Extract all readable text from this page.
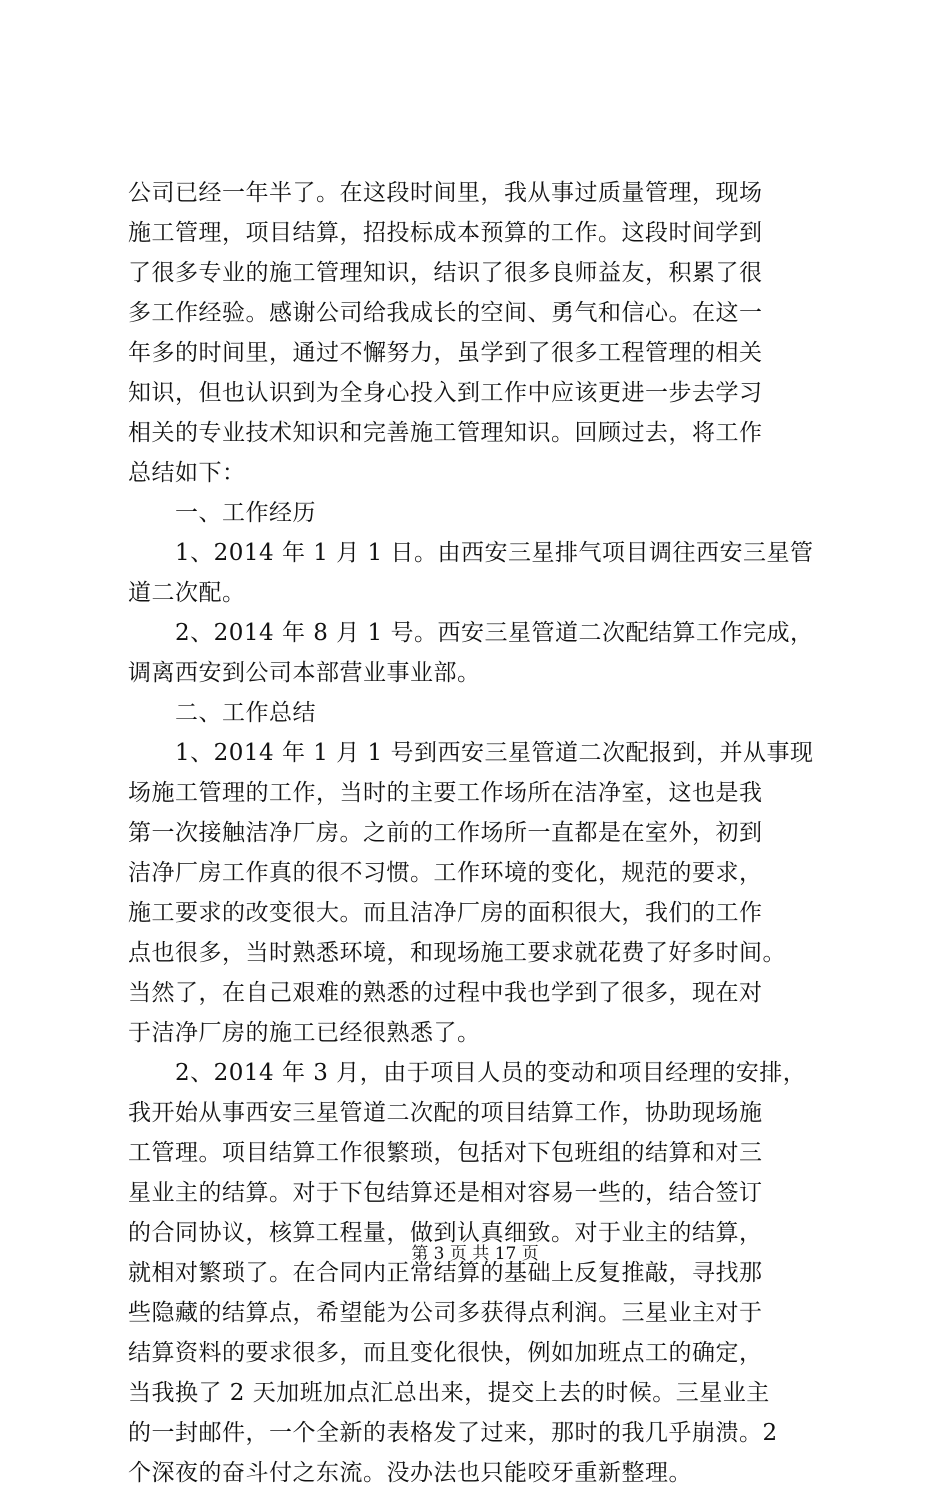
公司已经一年半了。在这段时间里，我从事过质量管理，现场
施工管理，项目结算，招投标成本预算的工作。这段时间学到
了很多专业的施工管理知识，结识了很多良师益友，积累了很
多工作经验。感谢公司给我成长的空间、勇气和信心。在这一
年多的时间里，通过不懈努力，虽学到了很多工程管理的相关
知识，但也认识到为全身心投入到工作中应该更进一步去学习
相关的专业技术知识和完善施工管理知识。回顾过去，将工作
总结如下：
一、工作经历
1、2014 年 1 月 1 日。由西安三星排气项目调往西安三星管
道二次配。
2、2014 年 8 月 1 号。西安三星管道二次配结算工作完成，
调离西安到公司本部营业事业部。
二、工作总结
1、2014 年 1 月 1 号到西安三星管道二次配报到，并从事现
场施工管理的工作，当时的主要工作场所在洁净室，这也是我
第一次接触洁净厂房。之前的工作场所一直都是在室外，初到
洁净厂房工作真的很不习惯。工作环境的变化，规范的要求，
施工要求的改变很大。而且洁净厂房的面积很大，我们的工作
点也很多，当时熟悉环境，和现场施工要求就花费了好多时间。
当然了，在自己艰难的熟悉的过程中我也学到了很多，现在对
于洁净厂房的施工已经很熟悉了。
2、2014 年 3 月，由于项目人员的变动和项目经理的安排，
我开始从事西安三星管道二次配的项目结算工作，协助现场施
工管理。项目结算工作很繁琐，包括对下包班组的结算和对三
星业主的结算。对于下包结算还是相对容易一些的，结合签订
的合同协议，核算工程量，做到认真细致。对于业主的结算，
就相对繁琐了。在合同内正常结算的基础上反复推敲，寻找那
些隐藏的结算点，希望能为公司多获得点利润。三星业主对于
结算资料的要求很多，而且变化很快，例如加班点工的确定，
当我换了 2 天加班加点汇总出来，提交上去的时候。三星业主
的一封邮件，一个全新的表格发了过来，那时的我几乎崩溃。2
个深夜的奋斗付之东流。没办法也只能咬牙重新整理。
第 3 页 共 17 页
